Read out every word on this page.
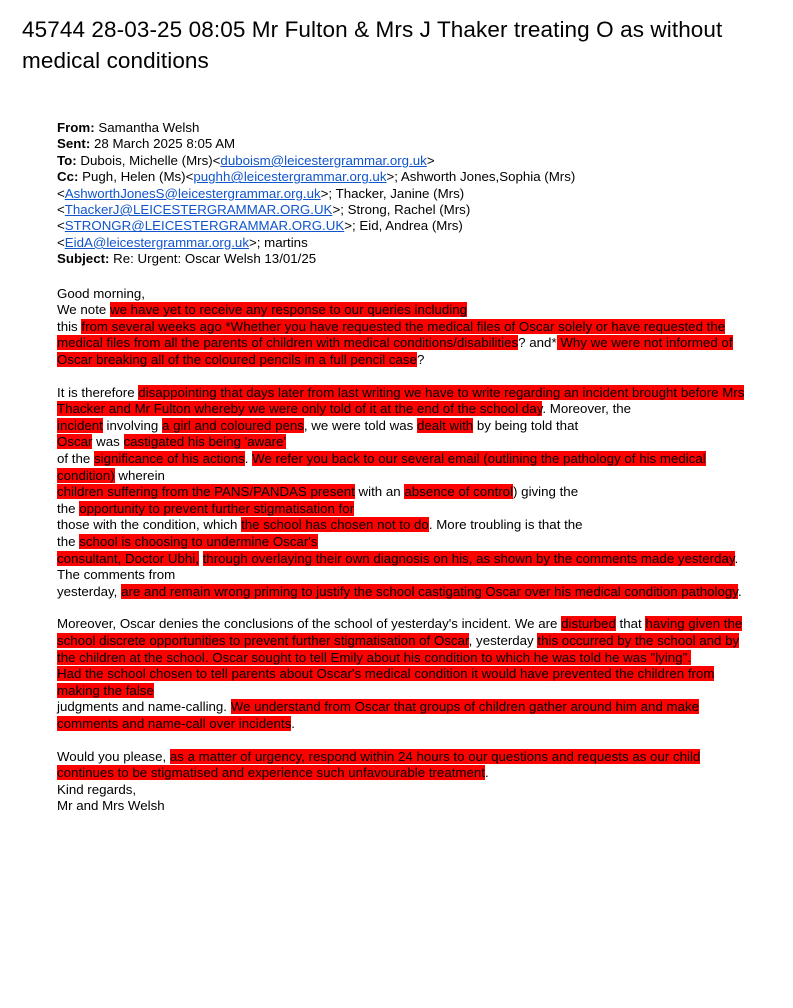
45744 28-03-25 08:05 Mr Fulton & Mrs J Thaker treating O as without medical conditions
From: Samantha Welsh
Sent: 28 March 2025 8:05 AM
To: Dubois, Michelle (Mrs)<duboism@leicestergrammar.org.uk>
Cc: Pugh, Helen (Ms)<pughh@leicestergrammar.org.uk>; Ashworth Jones,Sophia (Mrs)
<AshworthJonesS@leicestergrammar.org.uk>; Thacker, Janine (Mrs)
<ThackerJ@LEICESTERGRAMMAR.ORG.UK>; Strong, Rachel (Mrs)
<STRONGR@LEICESTERGRAMMAR.ORG.UK>; Eid, Andrea (Mrs)
<EidA@leicestergrammar.org.uk>; martins
Subject: Re: Urgent: Oscar Welsh 13/01/25

Good morning,
We note we have yet to receive any response to our queries including
this from several weeks ago *Whether you have requested the medical files of Oscar solely or have requested the medical files from all the parents of children with medical conditions/disabilities? and* Why we were not informed of Oscar breaking all of the coloured pencils in a full pencil case?

It is therefore disappointing that days later from last writing we have to write regarding an incident brought before Mrs Thacker and Mr Fulton whereby we were only told of it at the end of the school day. Moreover, the
incident involving a girl and coloured pens, we were told was dealt with by being told that
Oscar was castigated his being 'aware'
of the significance of his actions. We refer you back to our several email (outlining the pathology of his medical condition) wherein
children suffering from the PANS/PANDAS present with an absence of control) giving the
the opportunity to prevent further stigmatisation for
those with the condition, which the school has chosen not to do. More troubling is that the
the school is choosing to undermine Oscar's
consultant, Doctor Ubhi, through overlaying their own diagnosis on his, as shown by the comments made yesterday. The comments from
yesterday, are and remain wrong priming to justify the school castigating Oscar over his medical condition pathology.

Moreover, Oscar denies the conclusions of the school of yesterday's incident. We are disturbed that having given the school discrete opportunities to prevent further stigmatisation of Oscar, yesterday this occurred by the school and by the children at the school. Oscar sought to tell Emily about his condition to which he was told he was "lying".
Had the school chosen to tell parents about Oscar's medical condition it would have prevented the children from making the false
judgments and name-calling. We understand from Oscar that groups of children gather around him and make comments and name-call over incidents.

Would you please, as a matter of urgency, respond within 24 hours to our questions and requests as our child continues to be stigmatised and experience such unfavourable treatment.
Kind regards,
Mr and Mrs Welsh
